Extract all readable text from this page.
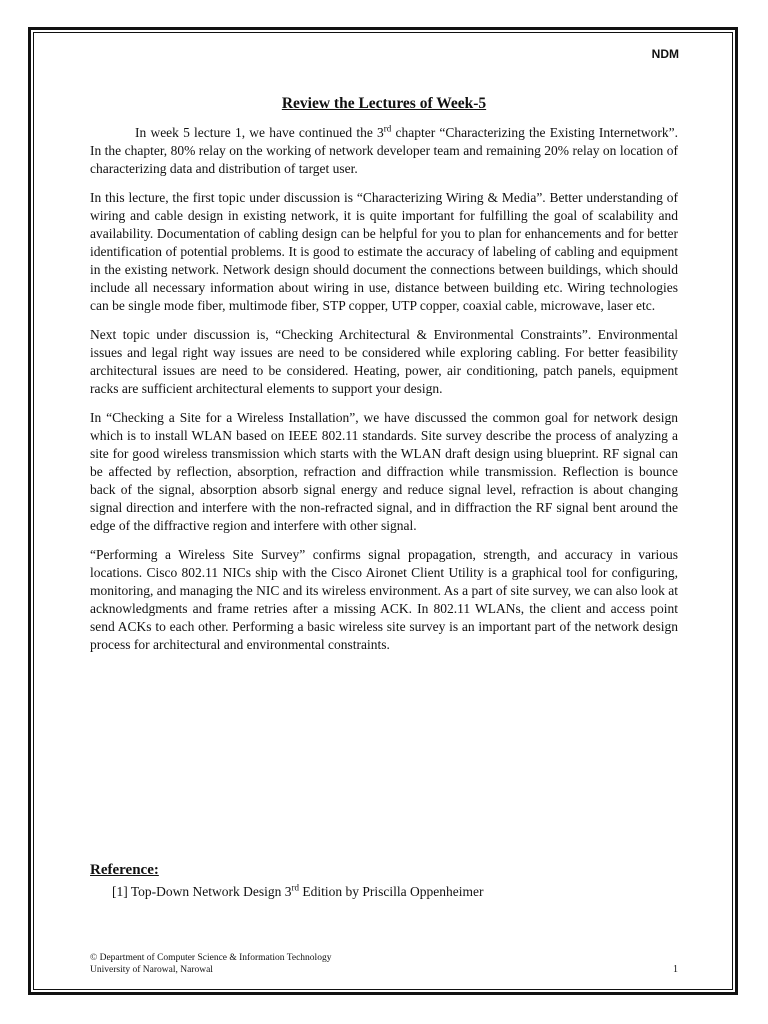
NDM
Review the Lectures of Week-5

In week 5 lecture 1, we have continued the 3rd chapter “Characterizing the Existing Internetwork”. In the chapter, 80% relay on the working of network developer team and remaining 20% relay on location of characterizing data and distribution of target user.

In this lecture, the first topic under discussion is “Characterizing Wiring & Media”. Better understanding of wiring and cable design in existing network, it is quite important for fulfilling the goal of scalability and availability. Documentation of cabling design can be helpful for you to plan for enhancements and for better identification of potential problems. It is good to estimate the accuracy of labeling of cabling and equipment in the existing network. Network design should document the connections between buildings, which should include all necessary information about wiring in use, distance between building etc. Wiring technologies can be single mode fiber, multimode fiber, STP copper, UTP copper, coaxial cable, microwave, laser etc.

Next topic under discussion is, “Checking Architectural & Environmental Constraints”. Environmental issues and legal right way issues are need to be considered while exploring cabling. For better feasibility architectural issues are need to be considered. Heating, power, air conditioning, patch panels, equipment racks are sufficient architectural elements to support your design.

In “Checking a Site for a Wireless Installation”, we have discussed the common goal for network design which is to install WLAN based on IEEE 802.11 standards. Site survey describe the process of analyzing a site for good wireless transmission which starts with the WLAN draft design using blueprint. RF signal can be affected by reflection, absorption, refraction and diffraction while transmission. Reflection is bounce back of the signal, absorption absorb signal energy and reduce signal level, refraction is about changing signal direction and interfere with the non-refracted signal, and in diffraction the RF signal bent around the edge of the diffractive region and interfere with other signal.

“Performing a Wireless Site Survey” confirms signal propagation, strength, and accuracy in various locations. Cisco 802.11 NICs ship with the Cisco Aironet Client Utility is a graphical tool for configuring, monitoring, and managing the NIC and its wireless environment. As a part of site survey, we can also look at acknowledgments and frame retries after a missing ACK. In 802.11 WLANs, the client and access point send ACKs to each other. Performing a basic wireless site survey is an important part of the network design process for architectural and environmental constraints.

Reference:
[1] Top-Down Network Design 3rd Edition by Priscilla Oppenheimer
© Department of Computer Science & Information Technology
University of Narowal, Narowal	1
